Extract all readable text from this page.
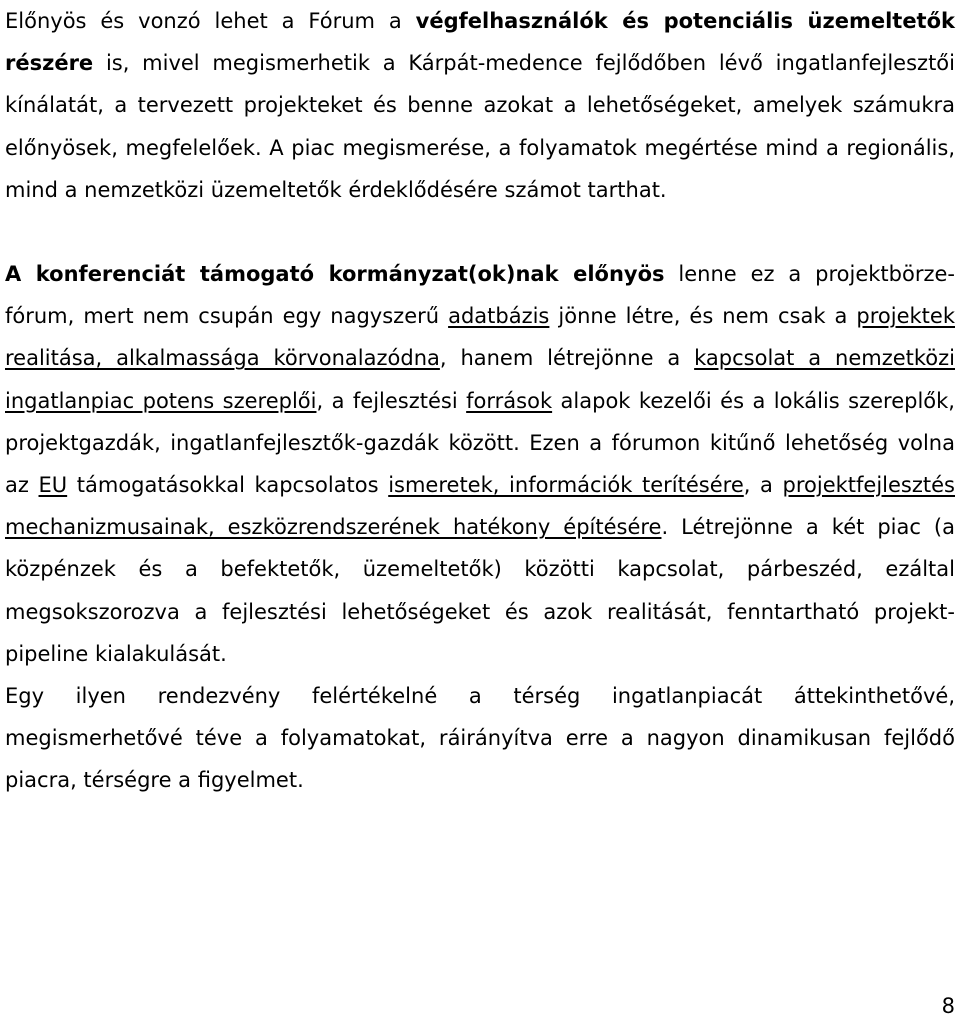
Előnyös és vonzó lehet a Fórum a végfelhasználók és potenciális üzemeltetők részére is, mivel megismerhetik a Kárpát-medence fejlődőben lévő ingatlanfejlesztői kínálatát, a tervezett projekteket és benne azokat a lehetőségeket, amelyek számukra előnyösek, megfelelőek. A piac megismerése, a folyamatok megértése mind a regionális, mind a nemzetközi üzemeltetők érdeklődésére számot tarthat.

A konferenciát támogató kormányzat(ok)nak előnyös lenne ez a projektbörze-fórum, mert nem csupán egy nagyszerű adatbázis jönne létre, és nem csak a projektek realitása, alkalmassága körvonalazódna, hanem létrejönne a kapcsolat a nemzetközi ingatlanpiac potens szereplői, a fejlesztési források alapok kezelői és a lokális szereplők, projektgazdák, ingatlanfejlesztők-gazdák között. Ezen a fórumon kitűnő lehetőség volna az EU támogatásokkal kapcsolatos ismeretek, információk terítésére, a projektfejlesztés mechanizmusainak, eszközrendszerének hatékony építésére. Létrejönne a két piac (a közpénzek és a befektetők, üzemeltetők) közötti kapcsolat, párbeszéd, ezáltal megsokszorozva a fejlesztési lehetőségeket és azok realitását, fenntartható projekt-pipeline kialakulását.

Egy ilyen rendezvény felértékelné a térség ingatlanpiacát áttekinthetővé, megismerhetővé téve a folyamatokat, ráirányítva erre a nagyon dinamikusan fejlődő piacra, térségre a figyelmet.

8
